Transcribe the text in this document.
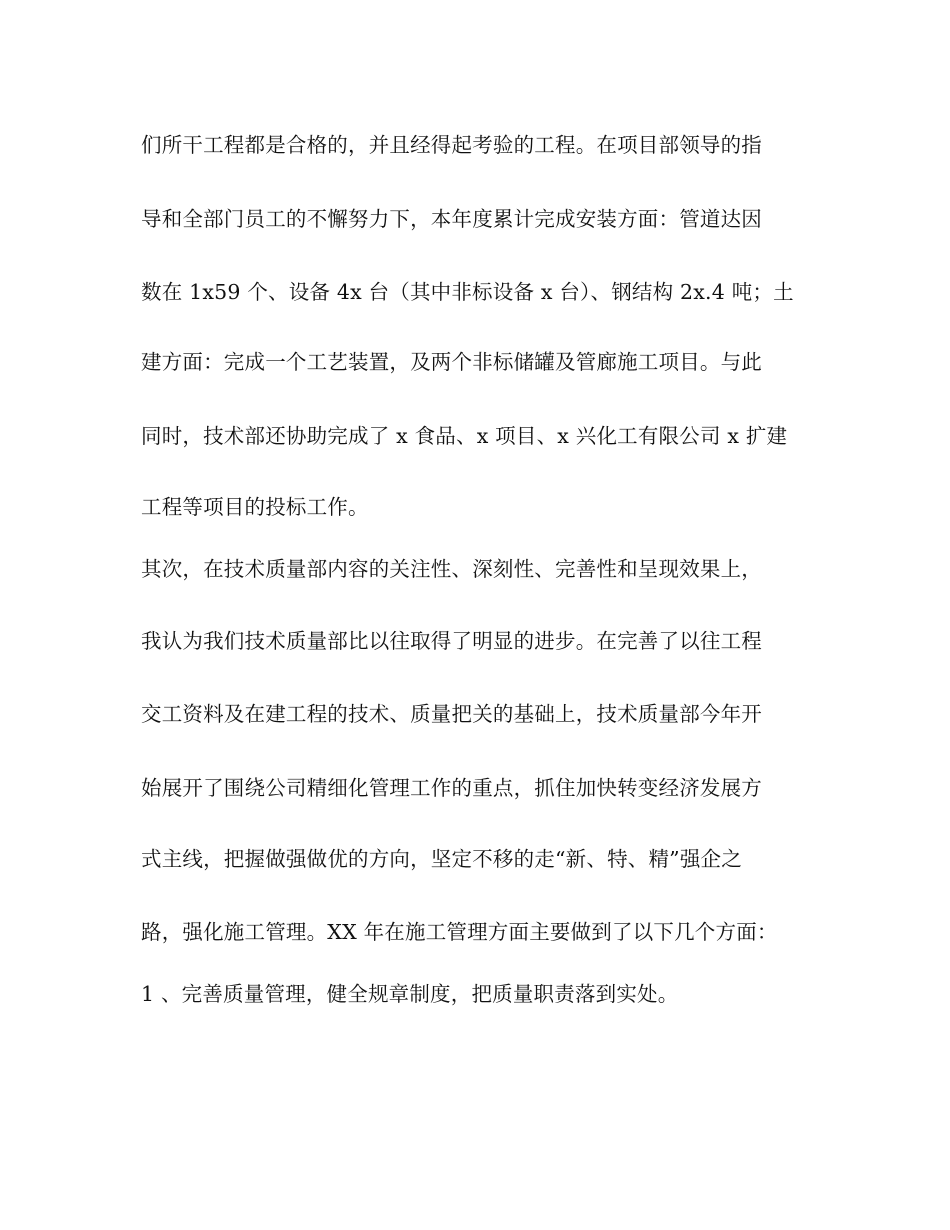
们所干工程都是合格的，并且经得起考验的工程。在项目部领导的指
导和全部门员工的不懈努力下，本年度累计完成安装方面：管道达因
数在 1x59 个、设备 4x 台（其中非标设备 x 台）、钢结构 2x.4 吨；土
建方面：完成一个工艺装置，及两个非标储罐及管廊施工项目。与此
同时，技术部还协助完成了 x 食品、x 项目、x 兴化工有限公司 x 扩建
工程等项目的投标工作。
其次，在技术质量部内容的关注性、深刻性、完善性和呈现效果上，
我认为我们技术质量部比以往取得了明显的进步。在完善了以往工程
交工资料及在建工程的技术、质量把关的基础上，技术质量部今年开
始展开了围绕公司精细化管理工作的重点，抓住加快转变经济发展方
式主线，把握做强做优的方向，坚定不移的走“新、特、精”强企之
路，强化施工管理。XX 年在施工管理方面主要做到了以下几个方面：
1 、完善质量管理，健全规章制度，把质量职责落到实处。
